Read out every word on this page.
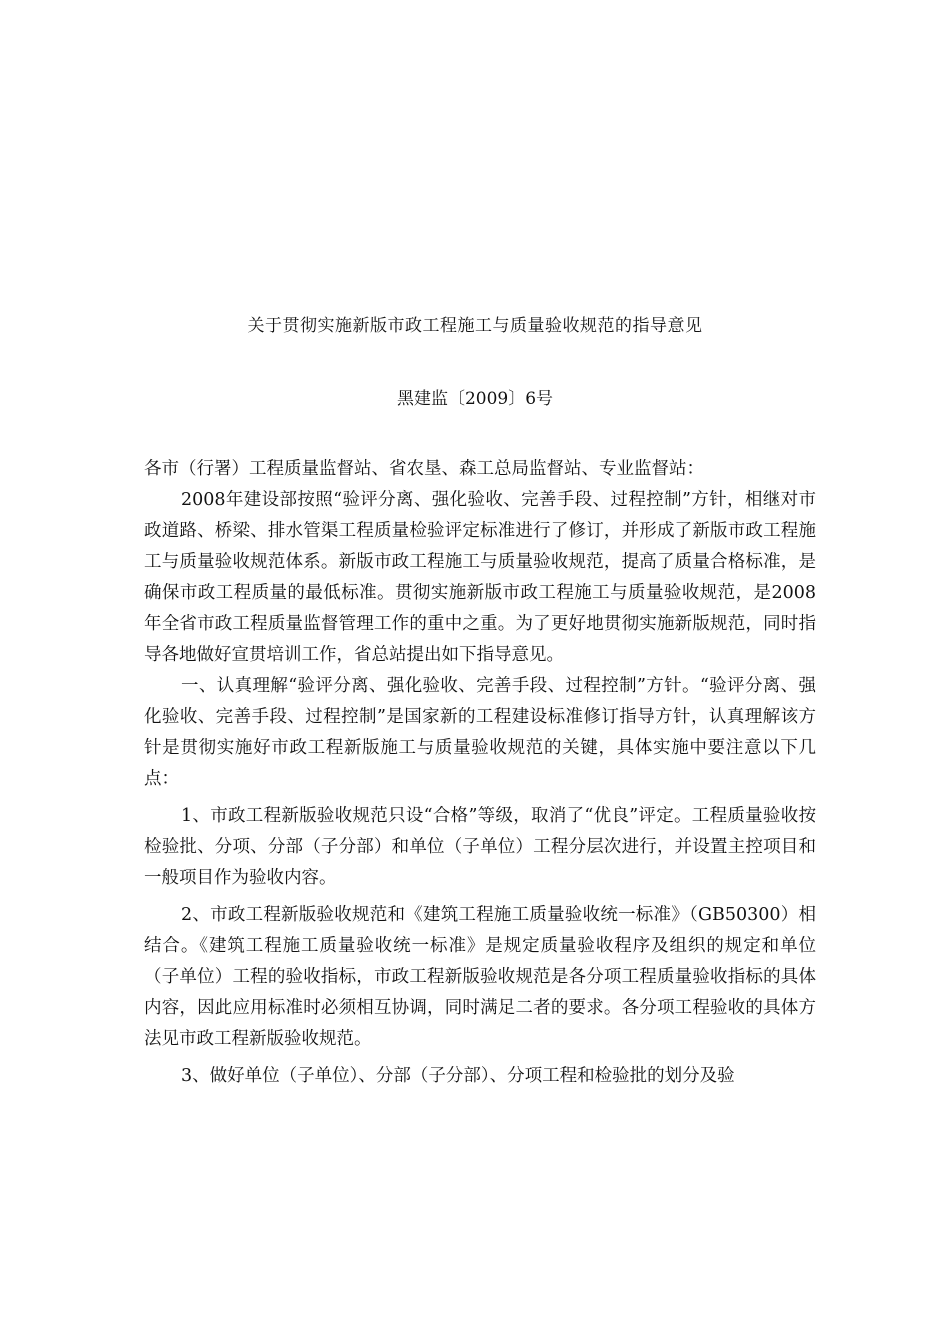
关于贯彻实施新版市政工程施工与质量验收规范的指导意见
黑建监〔2009〕6号

各市（行署）工程质量监督站、省农垦、森工总局监督站、专业监督站：

2008年建设部按照“验评分离、强化验收、完善手段、过程控制”方针，相继对市政道路、桥梁、排水管渠工程质量检验评定标准进行了修订，并形成了新版市政工程施工与质量验收规范体系。新版市政工程施工与质量验收规范，提高了质量合格标准，是确保市政工程质量的最低标准。贯彻实施新版市政工程施工与质量验收规范，是2008年全省市政工程质量监督管理工作的重中之重。为了更好地贯彻实施新版规范，同时指导各地做好宣贯培训工作，省总站提出如下指导意见。

一、认真理解“验评分离、强化验收、完善手段、过程控制”方针。“验评分离、强化验收、完善手段、过程控制”是国家新的工程建设标准修订指导方针，认真理解该方针是贯彻实施好市政工程新版施工与质量验收规范的关键，具体实施中要注意以下几点：

1、市政工程新版验收规范只设“合格”等级，取消了“优良”评定。工程质量验收按检验批、分项、分部（子分部）和单位（子单位）工程分层次进行，并设置主控项目和一般项目作为验收内容。

2、市政工程新版验收规范和《建筑工程施工质量验收统一标准》（GB50300）相结合。《建筑工程施工质量验收统一标准》是规定质量验收程序及组织的规定和单位（子单位）工程的验收指标，市政工程新版验收规范是各分项工程质量验收指标的具体内容，因此应用标准时必须相互协调，同时满足二者的要求。各分项工程验收的具体方法见市政工程新版验收规范。

3、做好单位（子单位）、分部（子分部）、分项工程和检验批的划分及验
